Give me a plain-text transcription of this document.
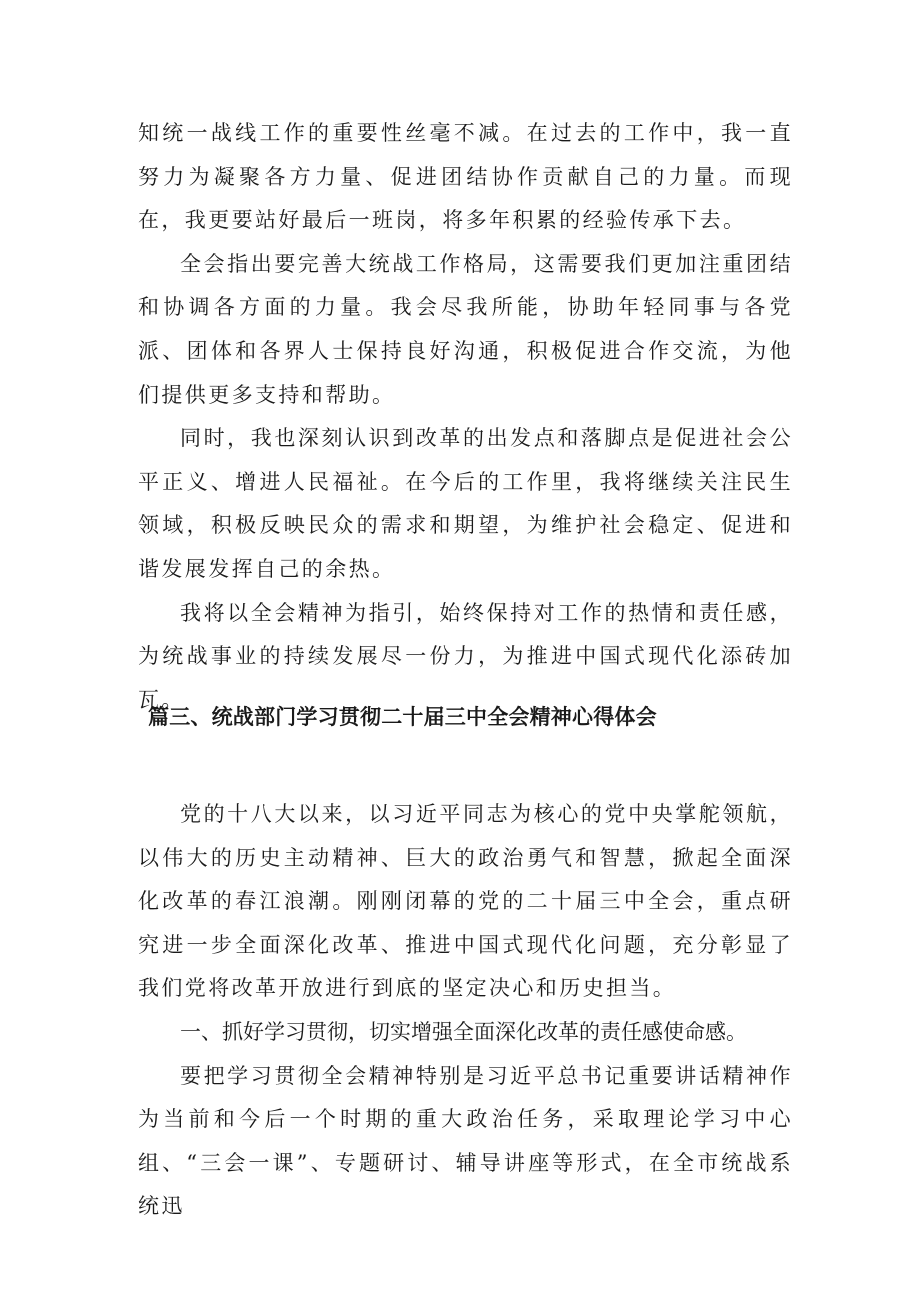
知统一战线工作的重要性丝毫不减。在过去的工作中，我一直努力为凝聚各方力量、促进团结协作贡献自己的力量。而现在，我更要站好最后一班岗，将多年积累的经验传承下去。

全会指出要完善大统战工作格局，这需要我们更加注重团结和协调各方面的力量。我会尽我所能，协助年轻同事与各党派、团体和各界人士保持良好沟通，积极促进合作交流，为他们提供更多支持和帮助。

同时，我也深刻认识到改革的出发点和落脚点是促进社会公平正义、增进人民福祉。在今后的工作里，我将继续关注民生领域，积极反映民众的需求和期望，为维护社会稳定、促进和谐发展发挥自己的余热。

我将以全会精神为指引，始终保持对工作的热情和责任感，为统战事业的持续发展尽一份力，为推进中国式现代化添砖加瓦。

篇三、统战部门学习贯彻二十届三中全会精神心得体会

党的十八大以来，以习近平同志为核心的党中央掌舵领航，以伟大的历史主动精神、巨大的政治勇气和智慧，掀起全面深化改革的春江浪潮。刚刚闭幕的党的二十届三中全会，重点研究进一步全面深化改革、推进中国式现代化问题，充分彰显了我们党将改革开放进行到底的坚定决心和历史担当。

一、抓好学习贯彻，切实增强全面深化改革的责任感使命感。

要把学习贯彻全会精神特别是习近平总书记重要讲话精神作为当前和今后一个时期的重大政治任务，采取理论学习中心组、“三会一课”、专题研讨、辅导讲座等形式，在全市统战系统迅
